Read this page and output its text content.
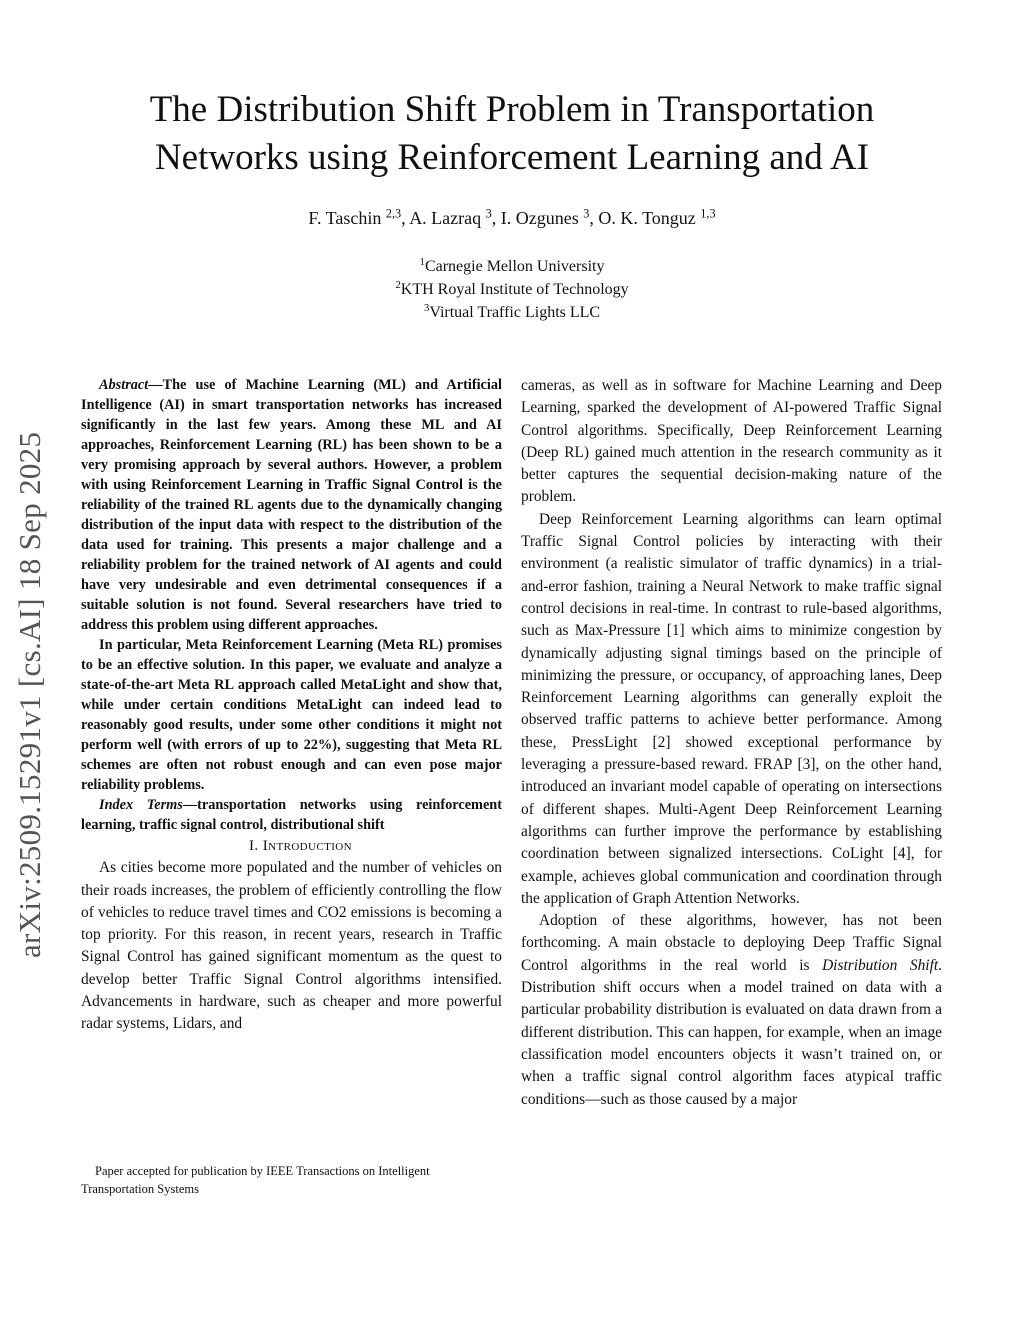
arXiv:2509.15291v1 [cs.AI] 18 Sep 2025
The Distribution Shift Problem in Transportation
Networks using Reinforcement Learning and AI
F. Taschin $^{2,3}$, A. Lazraq $^3$, I. Ozgunes $^3$, O. K. Tonguz $^{1,3}$
$^1$Carnegie Mellon University
$^2$KTH Royal Institute of Technology
$^3$Virtual Traffic Lights LLC

Abstract—The use of Machine Learning (ML) and Artificial Intelligence (AI) in smart transportation networks has increased significantly in the last few years. Among these ML and AI approaches, Reinforcement Learning (RL) has been shown to be a very promising approach by several authors. However, a problem with using Reinforcement Learning in Traffic Signal Control is the reliability of the trained RL agents due to the dynamically changing distribution of the input data with respect to the distribution of the data used for training. This presents a major challenge and a reliability problem for the trained network of AI agents and could have very undesirable and even detrimental consequences if a suitable solution is not found. Several researchers have tried to address this problem using different approaches.

In particular, Meta Reinforcement Learning (Meta RL) promises to be an effective solution. In this paper, we evaluate and analyze a state-of-the-art Meta RL approach called MetaLight and show that, while under certain conditions MetaLight can indeed lead to reasonably good results, under some other conditions it might not perform well (with errors of up to 22%), suggesting that Meta RL schemes are often not robust enough and can even pose major reliability problems.

Index Terms—transportation networks using reinforcement learning, traffic signal control, distributional shift

I. Introduction

As cities become more populated and the number of vehicles on their roads increases, the problem of efficiently controlling the flow of vehicles to reduce travel times and CO2 emissions is becoming a top priority. For this reason, in recent years, research in Traffic Signal Control has gained significant momentum as the quest to develop better Traffic Signal Control algorithms intensified. Advancements in hardware, such as cheaper and more powerful radar systems, Lidars, and

Paper accepted for publication by IEEE Transactions on Intelligent
Transportation Systems

cameras, as well as in software for Machine Learning and Deep Learning, sparked the development of AI-powered Traffic Signal Control algorithms. Specifically, Deep Reinforcement Learning (Deep RL) gained much attention in the research community as it better captures the sequential decision-making nature of the problem.

Deep Reinforcement Learning algorithms can learn optimal Traffic Signal Control policies by interacting with their environment (a realistic simulator of traffic dynamics) in a trial-and-error fashion, training a Neural Network to make traffic signal control decisions in real-time. In contrast to rule-based algorithms, such as Max-Pressure [1] which aims to minimize congestion by dynamically adjusting signal timings based on the principle of minimizing the pressure, or occupancy, of approaching lanes, Deep Reinforcement Learning algorithms can generally exploit the observed traffic patterns to achieve better performance. Among these, PressLight [2] showed exceptional performance by leveraging a pressure-based reward. FRAP [3], on the other hand, introduced an invariant model capable of operating on intersections of different shapes. Multi-Agent Deep Reinforcement Learning algorithms can further improve the performance by establishing coordination between signalized intersections. CoLight [4], for example, achieves global communication and coordination through the application of Graph Attention Networks.

Adoption of these algorithms, however, has not been forthcoming. A main obstacle to deploying Deep Traffic Signal Control algorithms in the real world is Distribution Shift. Distribution shift occurs when a model trained on data with a particular probability distribution is evaluated on data drawn from a different distribution. This can happen, for example, when an image classification model encounters objects it wasn’t trained on, or when a traffic signal control algorithm faces atypical traffic conditions—such as those caused by a major
